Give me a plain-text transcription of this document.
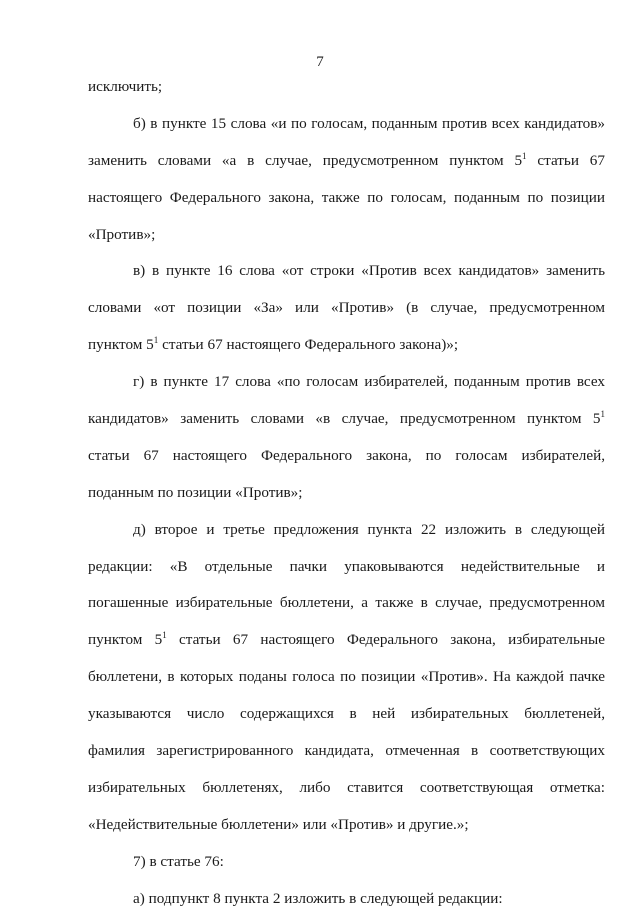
7
исключить;
б) в пункте 15 слова «и по голосам, поданным против всех кандидатов»
заменить словами «а в случае, предусмотренном пунктом $5^1$ статьи 67
настоящего Федерального закона, также по голосам, поданным по позиции
«Против»;
в) в пункте 16 слова «от строки «Против всех кандидатов» заменить
словами «от позиции «За» или «Против» (в случае, предусмотренном
пунктом $5^1$ статьи 67 настоящего Федерального закона)»;
г) в пункте 17 слова «по голосам избирателей, поданным против всех
кандидатов» заменить словами «в случае, предусмотренном пунктом $5^1$
статьи 67 настоящего Федерального закона, по голосам избирателей,
поданным по позиции «Против»;
д) второе и третье предложения пункта 22 изложить в следующей
редакции: «В отдельные пачки упаковываются недействительные и
погашенные избирательные бюллетени, а также в случае, предусмотренном
пунктом $5^1$ статьи 67 настоящего Федерального закона, избирательные
бюллетени, в которых поданы голоса по позиции «Против». На каждой пачке
указываются число содержащихся в ней избирательных бюллетеней,
фамилия зарегистрированного кандидата, отмеченная в соответствующих
избирательных бюллетенях, либо ставится соответствующая отметка:
«Недействительные бюллетени» или «Против» и другие.»;
7) в статье 76:
а) подпункт 8 пункта 2 изложить в следующей редакции:
